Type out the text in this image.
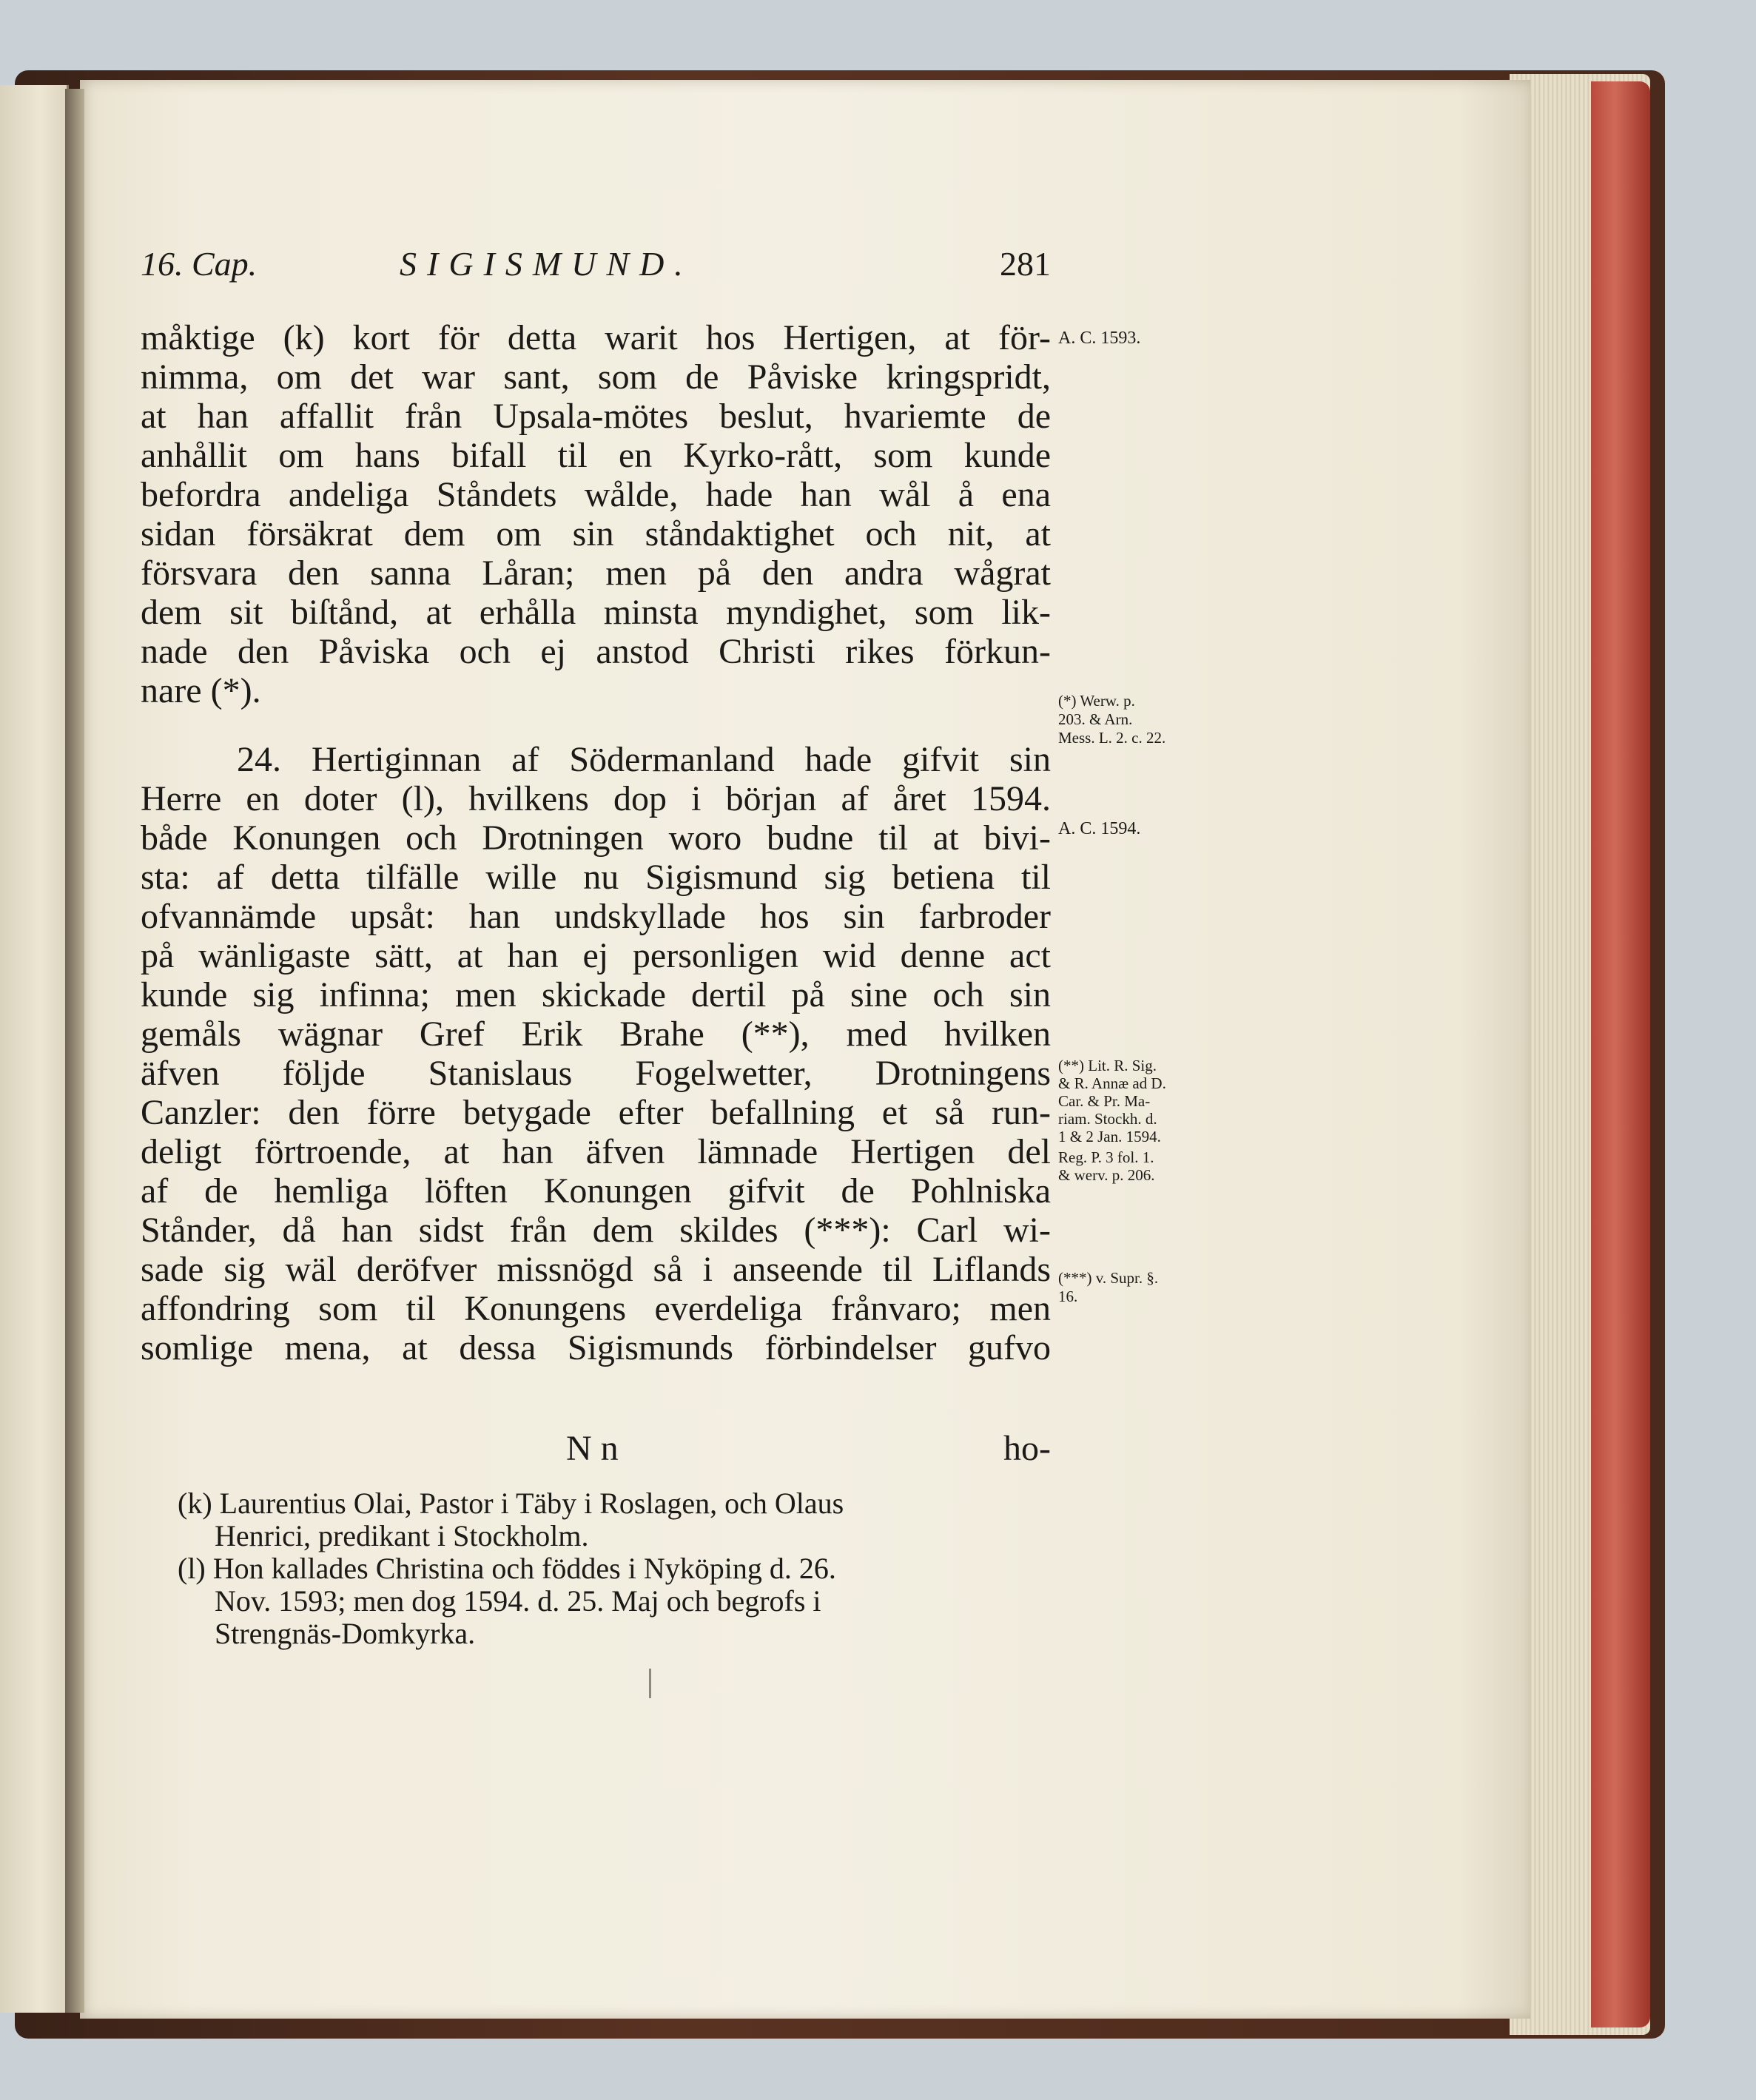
16. Cap.	SIGISMUND.	281
måktige (k) kort för detta warit hos Hertigen, at för-
nimma, om det war sant, som de Påviske kringspridt,
at han affallit från Upsala-mötes beslut, hvariemte de
anhållit om hans bifall til en Kyrko-rått, som kunde
befordra andeliga Ståndets wålde, hade han wål å ena
sidan försäkrat dem om sin ståndaktighet och nit, at
försvara den sanna Låran; men på den andra wågrat
dem sit biſtånd, at erhålla minsta myndighet, som lik-
nade den Påviska och ej anstod Christi rikes förkun-
nare (*).
24. Hertiginnan af Södermanland hade gifvit sin
Herre en doter (l), hvilkens dop i början af året 1594.
både Konungen och Drotningen woro budne til at bivi-
sta: af detta tilfälle wille nu Sigismund sig betiena til
ofvannämde upsåt: han undskyllade hos sin farbroder
på wänligaste sätt, at han ej personligen wid denne act
kunde sig infinna; men skickade dertil på sine och sin
gemåls wägnar Gref Erik Brahe (**), med hvilken
äfven följde Stanislaus Fogelwetter, Drotningens
Canzler: den förre betygade efter befallning et så run-
deligt förtroende, at han äfven lämnade Hertigen del
af de hemliga löften Konungen gifvit de Pohlniska
Stånder, då han sidst från dem skildes (***): Carl wi-
sade sig wäl deröfver missnögd så i anseende til Liflands
affondring som til Konungens everdeliga frånvaro; men
somlige mena, at dessa Sigismunds förbindelser gufvo
N n	ho-
(k) Laurentius Olai, Pastor i Täby i Roslagen, och Olaus
Henrici, predikant i Stockholm.
(l) Hon kallades Christina och föddes i Nyköping d. 26.
Nov. 1593; men dog 1594. d. 25. Maj och begrofs i
Strengnäs-Domkyrka.
A. C. 1593.
(*) Werw. p.
203. & Arn.
Mess. L. 2. c. 22.
A. C. 1594.
(**) Lit. R. Sig.
& R. Annæ ad D.
Car. & Pr. Ma-
riam. Stockh. d.
1 & 2 Jan. 1594.
Reg. P. 3 fol. 1.
& werv. p. 206.
(***) v. Supr. §.
16.
